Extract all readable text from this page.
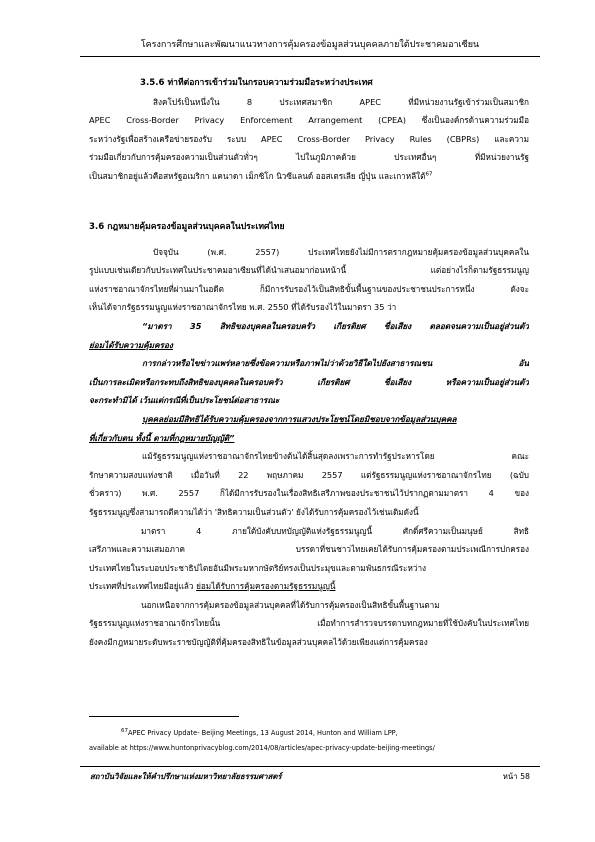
โครงการศึกษาและพัฒนาแนวทางการคุ้มครองข้อมูลส่วนบุคคลภายใต้ประชาคมอาเซียน
3.5.6 ท่าทีต่อการเข้าร่วมในกรอบความร่วมมือระหว่างประเทศ
สิงคโปร์เป็นหนึ่งใน 8 ประเทศสมาชิก APEC ที่มีหน่วยงานรัฐเข้าร่วมเป็นสมาชิก
APEC Cross-Border Privacy Enforcement Arrangement (CPEA) ซึ่งเป็นองค์กรด้านความร่วมมือ
ระหว่างรัฐเพื่อสร้างเครือข่ายรองรับ ระบบ APEC Cross-Border Privacy Rules (CBPRs) และความ
ร่วมมือเกี่ยวกับการคุ้มครองความเป็นส่วนตัวทั่วๆ ไปในภูมิภาคด้วย ประเทศอื่นๆ ที่มีหน่วยงานรัฐ
เป็นสมาชิกอยู่แล้วคือสหรัฐอเมริกา แคนาดา เม็กซิโก นิวซีแลนด์ ออสเตรเลีย ญี่ปุ่น และเกาหลีใต้$^{67}$
3.6 กฎหมายคุ้มครองข้อมูลส่วนบุคคลในประเทศไทย
ปัจจุบัน (พ.ศ. 2557) ประเทศไทยยังไม่มีการตรากฎหมายคุ้มครองข้อมูลส่วนบุคคลใน
รูปแบบเช่นเดียวกับประเทศในประชาคมอาเซียนที่ได้นำเสนอมาก่อนหน้านี้ แต่อย่างไรก็ตามรัฐธรรมนูญ
แห่งราชอาณาจักรไทยที่ผ่านมาในอดีต ก็มีการรับรองไว้เป็นสิทธิขั้นพื้นฐานของประชาชนประการหนึ่ง ดังจะ
เห็นได้จากรัฐธรรมนูญแห่งราชอาณาจักรไทย พ.ศ. 2550 ที่ได้รับรองไว้ในมาตรา 35 ว่า
“มาตรา 35 สิทธิของบุคคลในครอบครัว เกียรติยศ ชื่อเสียง ตลอดจนความเป็นอยู่ส่วนตัว
ย่อมได้รับความคุ้มครอง
การกล่าวหรือไขข่าวแพร่หลายซึ่งข้อความหรือภาพไม่ว่าด้วยวิธีใดไปยังสาธารณชน อัน
เป็นการละเมิดหรือกระทบถึงสิทธิของบุคคลในครอบครัว เกียรติยศ ชื่อเสียง หรือความเป็นอยู่ส่วนตัว
จะกระทำมิได้ เว้นแต่กรณีที่เป็นประโยชน์ต่อสาธารณะ
บุคคลย่อมมีสิทธิได้รับความคุ้มครองจากการแสวงประโยชน์โดยมิชอบจากข้อมูลส่วนบุคคล
ที่เกี่ยวกับตน ทั้งนี้ ตามที่กฎหมายบัญญัติ”
แม้รัฐธรรมนูญแห่งราชอาณาจักรไทยข้างต้นได้สิ้นสุดลงเพราะการทำรัฐประหารโดย คณะ
รักษาความสงบแห่งชาติ เมื่อวันที่ 22 พฤษภาคม 2557 แต่รัฐธรรมนูญแห่งราชอาณาจักรไทย (ฉบับ
ชั่วคราว) พ.ศ. 2557 ก็ได้มีการรับรองในเรื่องสิทธิเสรีภาพของประชาชนไว้ปรากฏตามมาตรา 4 ของ
รัฐธรรมนูญซึ่งสามารถตีความได้ว่า 'สิทธิความเป็นส่วนตัว' ยังได้รับการคุ้มครองไว้เช่นเดิมดังนี้
มาตรา 4 ภายใต้บังคับบทบัญญัติแห่งรัฐธรรมนูญนี้ ศักดิ์ศรีความเป็นมนุษย์ สิทธิ
เสรีภาพและความเสมอภาค บรรดาที่ชนชาวไทยเคยได้รับการคุ้มครองตามประเพณีการปกครอง
ประเทศไทยในระบอบประชาธิปไตยอันมีพระมหากษัตริย์ทรงเป็นประมุขและตามพันธกรณีระหว่าง
ประเทศที่ประเทศไทยมีอยู่แล้ว ย่อมได้รับการคุ้มครองตามรัฐธรรมนูญนี้
นอกเหนือจากการคุ้มครองข้อมูลส่วนบุคคลที่ได้รับการคุ้มครองเป็นสิทธิขั้นพื้นฐานตาม
รัฐธรรมนูญแห่งราชอาณาจักรไทยนั้น เมื่อทำการสำรวจบรรดาบทกฎหมายที่ใช้บังคับในประเทศไทย
ยังคงมีกฎหมายระดับพระราชบัญญัติที่คุ้มครองสิทธิในข้อมูลส่วนบุคคลไว้ด้วยเพียงแต่การคุ้มครอง
$^{67}$APEC Privacy Update- Beijing Meetings, 13 August 2014, Hunton and William LPP,
available at https://www.huntonprivacyblog.com/2014/08/articles/apec-privacy-update-beijing-meetings/
สถาบันวิจัยและให้คำปรึกษาแห่งมหาวิทยาลัยธรรมศาสตร์	หน้า 58
